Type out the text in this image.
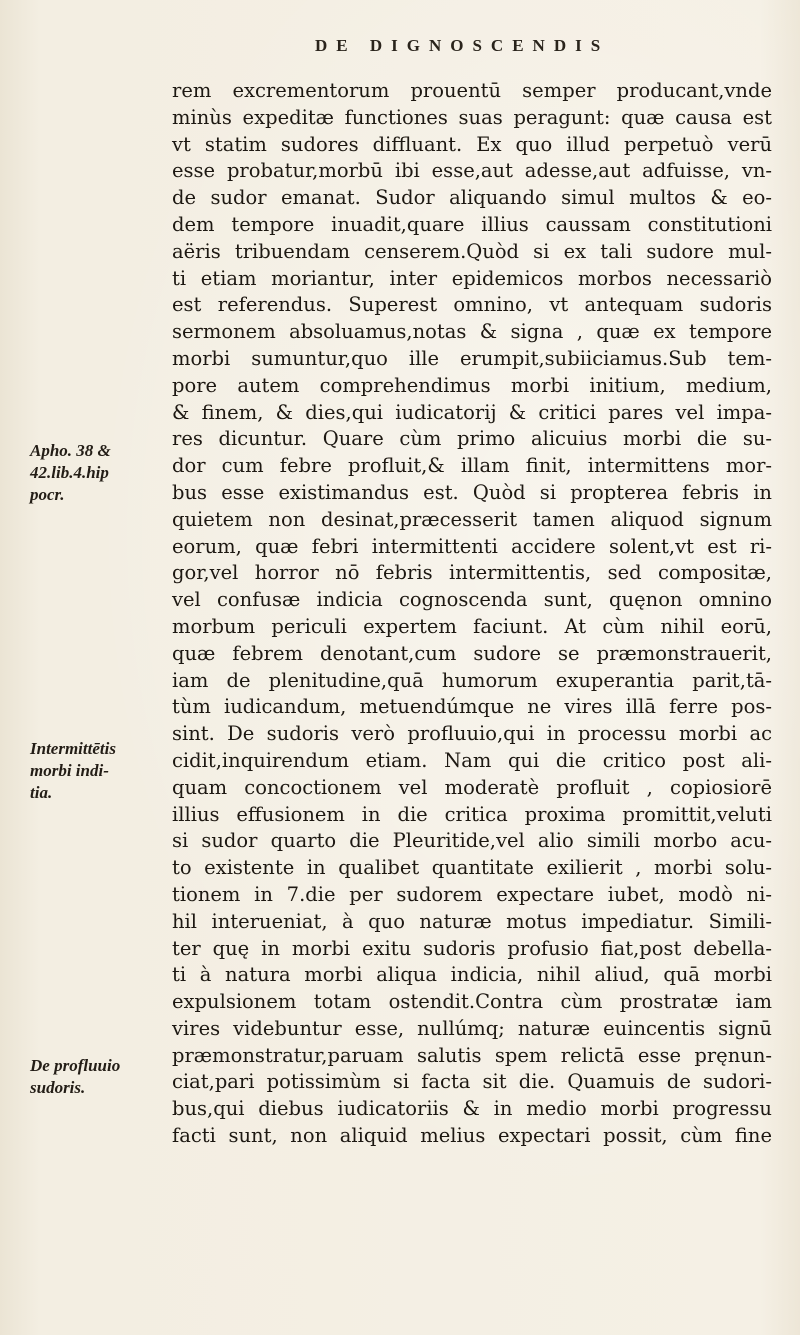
DE DIGNOSCENDIS
Apho. 38 &
42.lib.4.hip
pocr.
Intermittētis
morbi indi-
tia.
De profluuio
sudoris.
rem excrementorum prouentū semper producant,vnde
minùs expeditæ functiones suas peragunt: quæ causa est
vt statim sudores diffluant. Ex quo illud perpetuò verū
esse probatur,morbū ibi esse,aut adesse,aut adfuisse, vn-
de sudor emanat. Sudor aliquando simul multos & eo-
dem tempore inuadit,quare illius caussam constitutioni
aëris tribuendam censerem.Quòd si ex tali sudore mul-
ti etiam moriantur, inter epidemicos morbos necessariò
est referendus. Superest omnino, vt antequam sudoris
sermonem absoluamus,notas & signa , quæ ex tempore
morbi sumuntur,quo ille erumpit,subiiciamus.Sub tem-
pore autem comprehendimus morbi initium, medium,
& finem, & dies,qui iudicatorij & critici pares vel impa-
res dicuntur. Quare cùm primo alicuius morbi die su-
dor cum febre profluit,& illam finit, intermittens mor-
bus esse existimandus est. Quòd si propterea febris in
quietem non desinat,præcesserit tamen aliquod signum
eorum, quæ febri intermittenti accidere solent,vt est ri-
gor,vel horror nō febris intermittentis, sed compositæ,
vel confusæ indicia cognoscenda sunt, quęnon omnino
morbum periculi expertem faciunt. At cùm nihil eorū,
quæ febrem denotant,cum sudore se præmonstrauerit,
iam de plenitudine,quā humorum exuperantia parit,tā-
tùm iudicandum, metuendúmque ne vires illā ferre pos-
sint. De sudoris verò profluuio,qui in processu morbi ac
cidit,inquirendum etiam. Nam qui die critico post ali-
quam concoctionem vel moderatè profluit , copiosiorē
illius effusionem in die critica proxima promittit,veluti
si sudor quarto die Pleuritide,vel alio simili morbo acu-
to existente in qualibet quantitate exilierit , morbi solu-
tionem in 7.die per sudorem expectare iubet, modò ni-
hil interueniat, à quo naturæ motus impediatur. Simili-
ter quę in morbi exitu sudoris profusio fiat,post debella-
ti à natura morbi aliqua indicia, nihil aliud, quā morbi
expulsionem totam ostendit.Contra cùm prostratæ iam
vires videbuntur esse, nullúmq; naturæ euincentis signū
præmonstratur,paruam salutis spem relictā esse pręnun-
ciat,pari potissimùm si facta sit die. Quamuis de sudori-
bus,qui diebus iudicatoriis & in medio morbi progressu
facti sunt, non aliquid melius expectari possit, cùm fine
